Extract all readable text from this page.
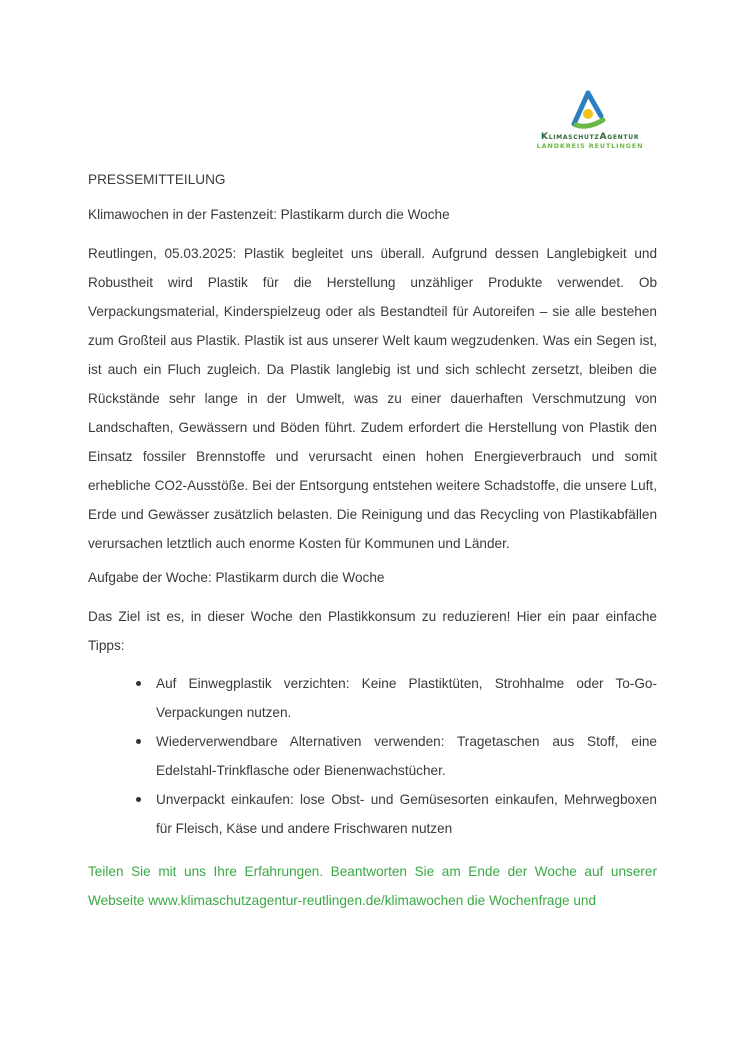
KlimaschutzAgentur
LANDKREIS REUTLINGEN

PRESSEMITTEILUNG

Klimawochen in der Fastenzeit: Plastikarm durch die Woche

Reutlingen, 05.03.2025: Plastik begleitet uns überall. Aufgrund dessen Langlebigkeit und Robustheit wird Plastik für die Herstellung unzähliger Produkte verwendet. Ob Verpackungsmaterial, Kinderspielzeug oder als Bestandteil für Autoreifen – sie alle bestehen zum Großteil aus Plastik. Plastik ist aus unserer Welt kaum wegzudenken. Was ein Segen ist, ist auch ein Fluch zugleich. Da Plastik langlebig ist und sich schlecht zersetzt, bleiben die Rückstände sehr lange in der Umwelt, was zu einer dauerhaften Verschmutzung von Landschaften, Gewässern und Böden führt. Zudem erfordert die Herstellung von Plastik den Einsatz fossiler Brennstoffe und verursacht einen hohen Energieverbrauch und somit erhebliche CO2-Ausstöße. Bei der Entsorgung entstehen weitere Schadstoffe, die unsere Luft, Erde und Gewässer zusätzlich belasten. Die Reinigung und das Recycling von Plastikabfällen verursachen letztlich auch enorme Kosten für Kommunen und Länder.

Aufgabe der Woche: Plastikarm durch die Woche

Das Ziel ist es, in dieser Woche den Plastikkonsum zu reduzieren! Hier ein paar einfache Tipps:

Auf Einwegplastik verzichten: Keine Plastiktüten, Strohhalme oder To-Go-Verpackungen nutzen.
Wiederverwendbare Alternativen verwenden: Tragetaschen aus Stoff, eine Edelstahl-Trinkflasche oder Bienenwachstücher.
Unverpackt einkaufen: lose Obst- und Gemüsesorten einkaufen, Mehrwegboxen für Fleisch, Käse und andere Frischwaren nutzen

Teilen Sie mit uns Ihre Erfahrungen. Beantworten Sie am Ende der Woche auf unserer Webseite www.klimaschutzagentur-reutlingen.de/klimawochen die Wochenfrage und
